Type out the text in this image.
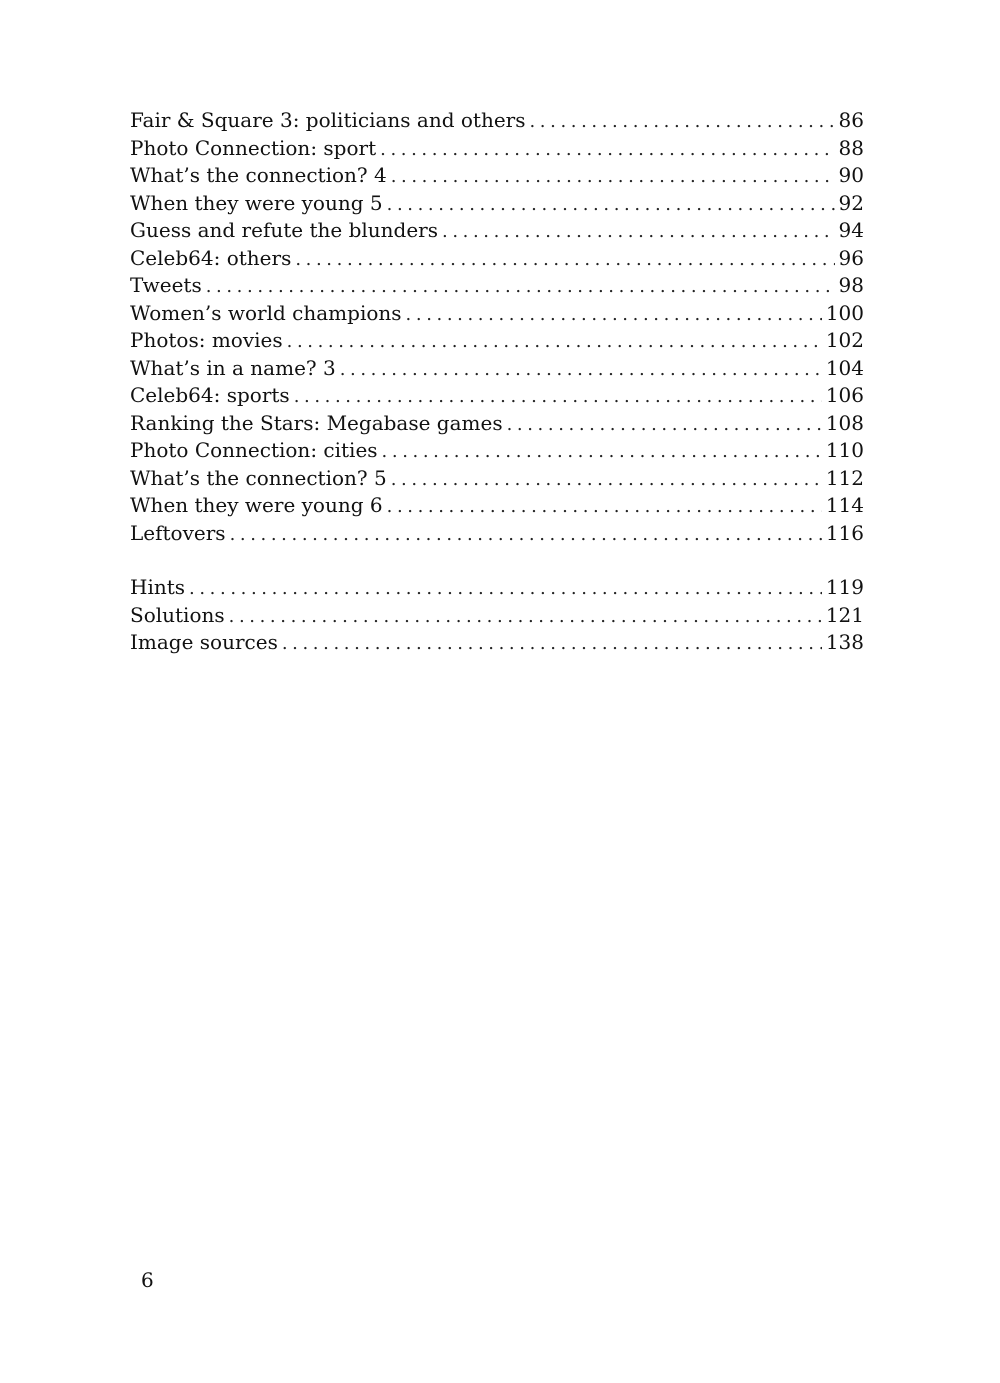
Fair & Square 3: politicians and others .....	86
Photo Connection: sport .....	88
What’s the connection? 4 .....	90
When they were young 5 .....	92
Guess and refute the blunders .....	94
Celeb64: others .....	96
Tweets .....	98
Women’s world champions .....	100
Photos: movies .....	102
What’s in a name? 3 .....	104
Celeb64: sports .....	106
Ranking the Stars: Megabase games .....	108
Photo Connection: cities .....	110
What’s the connection? 5 .....	112
When they were young 6 .....	114
Leftovers .....	116
Hints .....	119
Solutions .....	121
Image sources .....	138
6
